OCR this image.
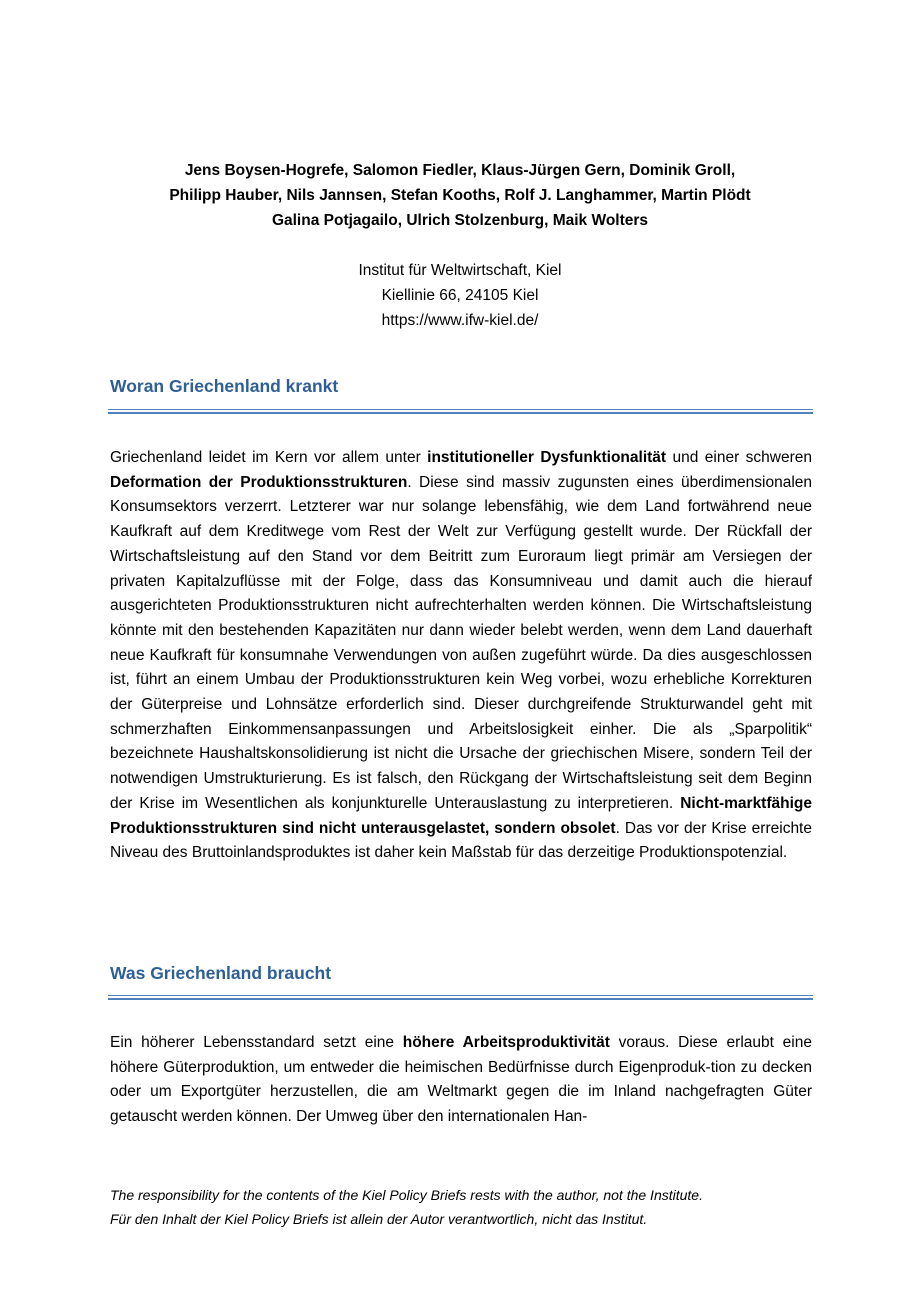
Jens Boysen-Hogrefe, Salomon Fiedler, Klaus-Jürgen Gern, Dominik Groll,
Philipp Hauber, Nils Jannsen, Stefan Kooths, Rolf J. Langhammer, Martin Plödt
Galina Potjagailo, Ulrich Stolzenburg, Maik Wolters
Institut für Weltwirtschaft, Kiel
Kiellinie 66, 24105 Kiel
https://www.ifw-kiel.de/
Woran Griechenland krankt

Griechenland leidet im Kern vor allem unter institutioneller Dysfunktionalität und einer schweren Deformation der Produktionsstrukturen. Diese sind massiv zugunsten eines überdimensionalen Konsumsektors verzerrt. Letzterer war nur solange lebensfähig, wie dem Land fortwährend neue Kaufkraft auf dem Kreditwege vom Rest der Welt zur Verfügung gestellt wurde. Der Rückfall der Wirtschaftsleistung auf den Stand vor dem Beitritt zum Euroraum liegt primär am Versiegen der privaten Kapitalzuflüsse mit der Folge, dass das Konsumniveau und damit auch die hierauf ausgerichteten Produktionsstrukturen nicht aufrechterhalten werden können. Die Wirtschaftsleistung könnte mit den bestehenden Kapazitäten nur dann wieder belebt werden, wenn dem Land dauerhaft neue Kaufkraft für konsumnahe Verwendungen von außen zugeführt würde. Da dies ausgeschlossen ist, führt an einem Umbau der Produktionsstrukturen kein Weg vorbei, wozu erhebliche Korrekturen der Güterpreise und Lohnsätze erforderlich sind. Dieser durchgreifende Strukturwandel geht mit schmerzhaften Einkommensanpassungen und Arbeitslosigkeit einher. Die als „Sparpolitik“ bezeichnete Haushaltskonsolidierung ist nicht die Ursache der griechischen Misere, sondern Teil der notwendigen Umstrukturierung. Es ist falsch, den Rückgang der Wirtschaftsleistung seit dem Beginn der Krise im Wesentlichen als konjunkturelle Unterauslastung zu interpretieren. Nicht-marktfähige Produktionsstrukturen sind nicht unterausgelastet, sondern obsolet. Das vor der Krise erreichte Niveau des Bruttoinlandsproduktes ist daher kein Maßstab für das derzeitige Produktionspotenzial.

Was Griechenland braucht

Ein höherer Lebensstandard setzt eine höhere Arbeitsproduktivität voraus. Diese erlaubt eine höhere Güterproduktion, um entweder die heimischen Bedürfnisse durch Eigenproduk-tion zu decken oder um Exportgüter herzustellen, die am Weltmarkt gegen die im Inland nachgefragten Güter getauscht werden können. Der Umweg über den internationalen Han-

The responsibility for the contents of the Kiel Policy Briefs rests with the author, not the Institute.
Für den Inhalt der Kiel Policy Briefs ist allein der Autor verantwortlich, nicht das Institut.
